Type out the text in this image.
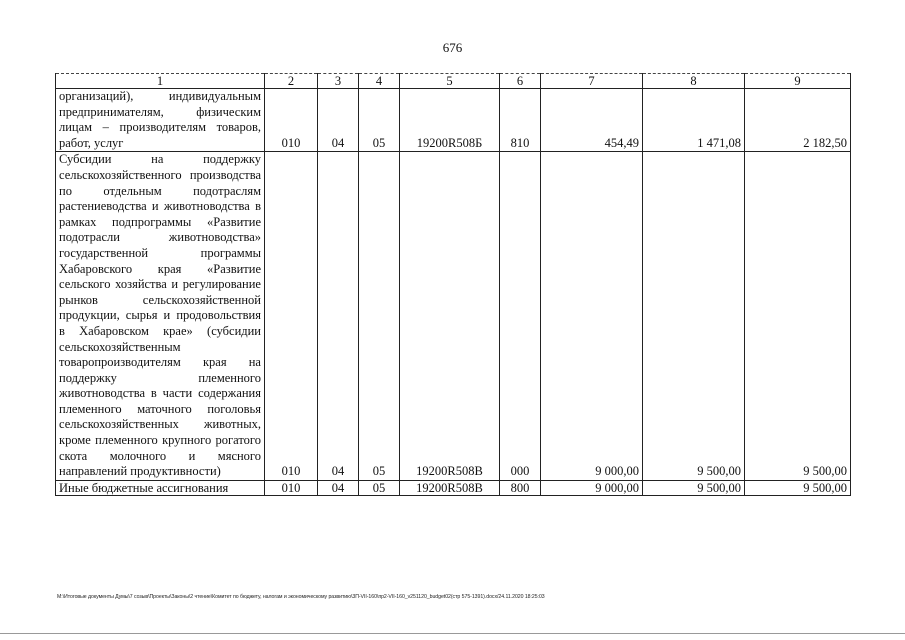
676
1	2	3	4	5	6	7	8	9
организаций), индивидуальным предпринимателям, физическим лицам – производителям товаров, работ, услуг	010	04	05	19200R508Б	810	454,49	1 471,08	2 182,50
Субсидии на поддержку сельскохозяйственного производства по отдельным подотраслям растениеводства и животноводства в рамках подпрограммы «Развитие подотрасли животноводства» государственной программы Хабаровского края «Развитие сельского хозяйства и регулирование рынков сельскохозяйственной продукции, сырья и продовольствия в Хабаровском крае» (субсидии сельскохозяйственным товаропроизводителям края на поддержку племенного животноводства в части содержания племенного маточного поголовья сельскохозяйственных животных, кроме племенного крупного рогатого скота молочного и мясного направлений продуктивности)	010	04	05	19200R508В	000	9 000,00	9 500,00	9 500,00
Иные бюджетные ассигнования	010	04	05	19200R508В	800	9 000,00	9 500,00	9 500,00
M:\Итоговые документы Думы\7 созыв\Проекты\Законы\2 чтение\Комитет по бюджету, налогам и экономическому развитию\3П-VII-160\пр2-VII-160_v251120_budget02(стр 575-1391).docx/24.11.2020 18:25:03
